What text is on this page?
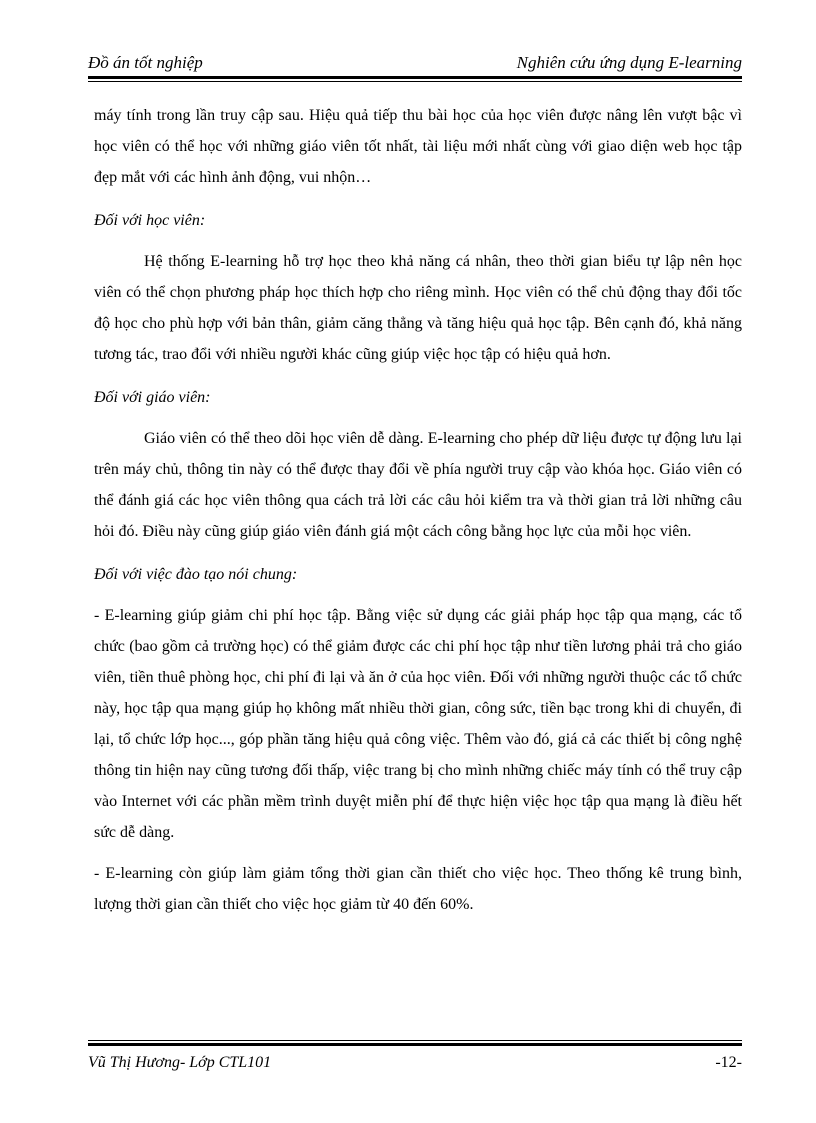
Đồ án tốt nghiệp	Nghiên cứu ứng dụng E-learning

máy tính trong lần truy cập sau. Hiệu quả tiếp thu bài học của học viên được nâng lên vượt bậc vì học viên có thể học với những giáo viên tốt nhất, tài liệu mới nhất cùng với giao diện web học tập đẹp mắt với các hình ảnh động, vui nhộn…

Đối với học viên:

Hệ thống E-learning hỗ trợ học theo khả năng cá nhân, theo thời gian biểu tự lập nên học viên có thể chọn phương pháp học thích hợp cho riêng mình. Học viên có thể chủ động thay đổi tốc độ học cho phù hợp với bản thân, giảm căng thẳng và tăng hiệu quả học tập. Bên cạnh đó, khả năng tương tác, trao đổi với nhiều người khác cũng giúp việc học tập có hiệu quả hơn.

Đối với giáo viên:

Giáo viên có thể theo dõi học viên dễ dàng. E-learning cho phép dữ liệu được tự động lưu lại trên máy chủ, thông tin này có thể được thay đổi về phía người truy cập vào khóa học. Giáo viên có thể đánh giá các học viên thông qua cách trả lời các câu hỏi kiểm tra và thời gian trả lời những câu hỏi đó. Điều này cũng giúp giáo viên đánh giá một cách công bằng học lực của mỗi học viên.

Đối với việc đào tạo nói chung:

- E-learning giúp giảm chi phí học tập. Bằng việc sử dụng các giải pháp học tập qua mạng, các tổ chức (bao gồm cả trường học) có thể giảm được các chi phí học tập như tiền lương phải trả cho giáo viên, tiền thuê phòng học, chi phí đi lại và ăn ở của học viên. Đối với những người thuộc các tổ chức này, học tập qua mạng giúp họ không mất nhiều thời gian, công sức, tiền bạc trong khi di chuyển, đi lại, tổ chức lớp học..., góp phần tăng hiệu quả công việc. Thêm vào đó, giá cả các thiết bị công nghệ thông tin hiện nay cũng tương đối thấp, việc trang bị cho mình những chiếc máy tính có thể truy cập vào Internet với các phần mềm trình duyệt miễn phí để thực hiện việc học tập qua mạng là điều hết sức dễ dàng.

- E-learning còn giúp làm giảm tổng thời gian cần thiết cho việc học. Theo thống kê trung bình, lượng thời gian cần thiết cho việc học giảm từ 40 đến 60%.

Vũ Thị Hương- Lớp CTL101	-12-
